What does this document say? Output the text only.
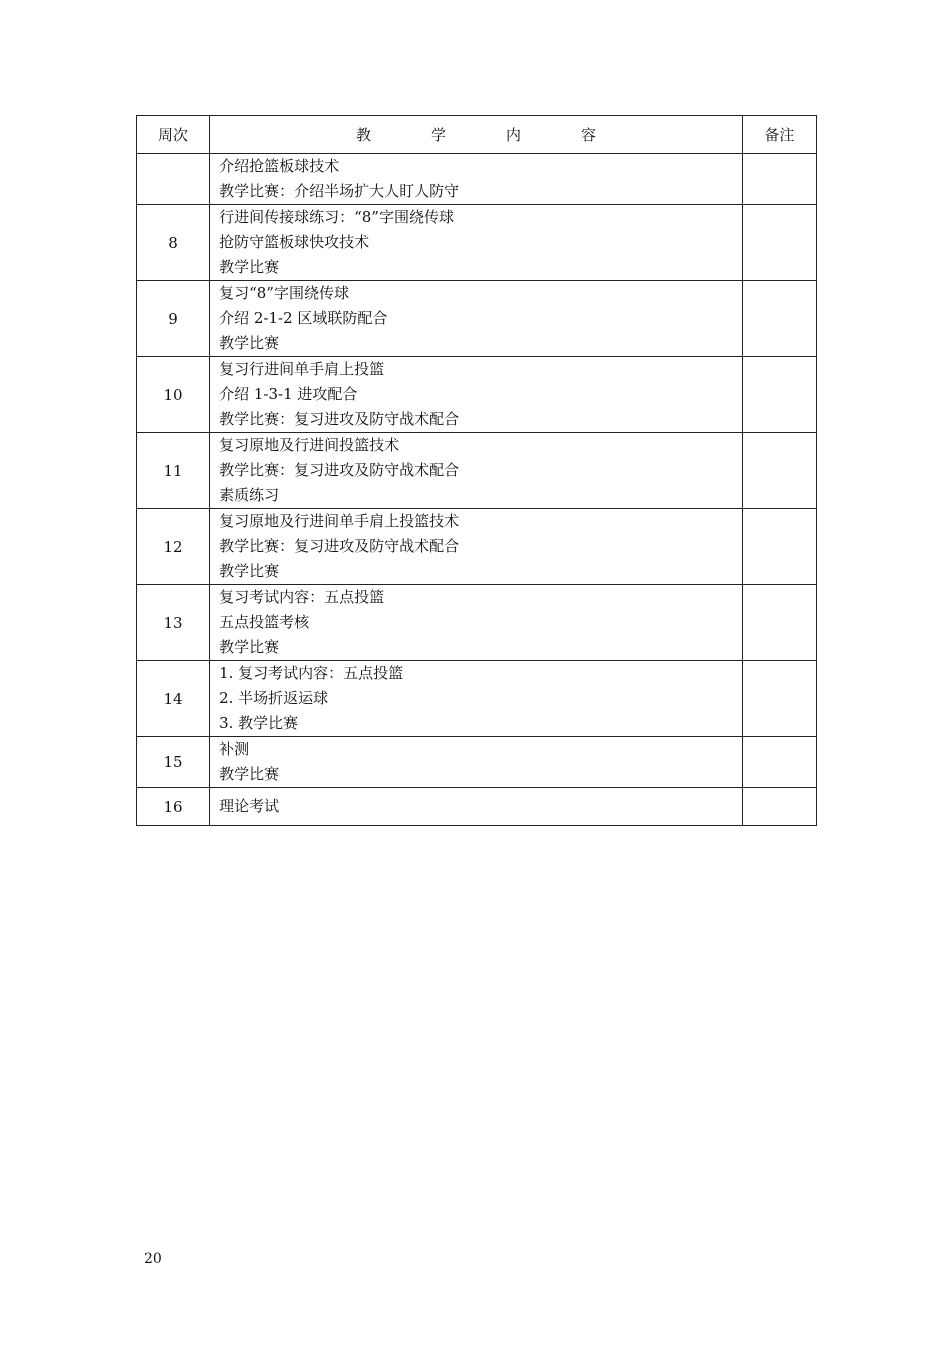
周次	教 学 内 容	备注

	介绍抢篮板球技术
教学比赛：介绍半场扩大人盯人防守	

8	行进间传接球练习：“8”字围绕传球
抢防守篮板球快攻技术
教学比赛	

9	复习“8”字围绕传球
介绍 2-1-2 区域联防配合
教学比赛	

10	复习行进间单手肩上投篮
介绍 1-3-1 进攻配合
教学比赛：复习进攻及防守战术配合	

11	复习原地及行进间投篮技术
教学比赛：复习进攻及防守战术配合
素质练习	

12	复习原地及行进间单手肩上投篮技术
教学比赛：复习进攻及防守战术配合
教学比赛	

13	复习考试内容：五点投篮
五点投篮考核
教学比赛	

14	1. 复习考试内容：五点投篮
2. 半场折返运球
3. 教学比赛	

15	补测
教学比赛	

16	理论考试	

20
